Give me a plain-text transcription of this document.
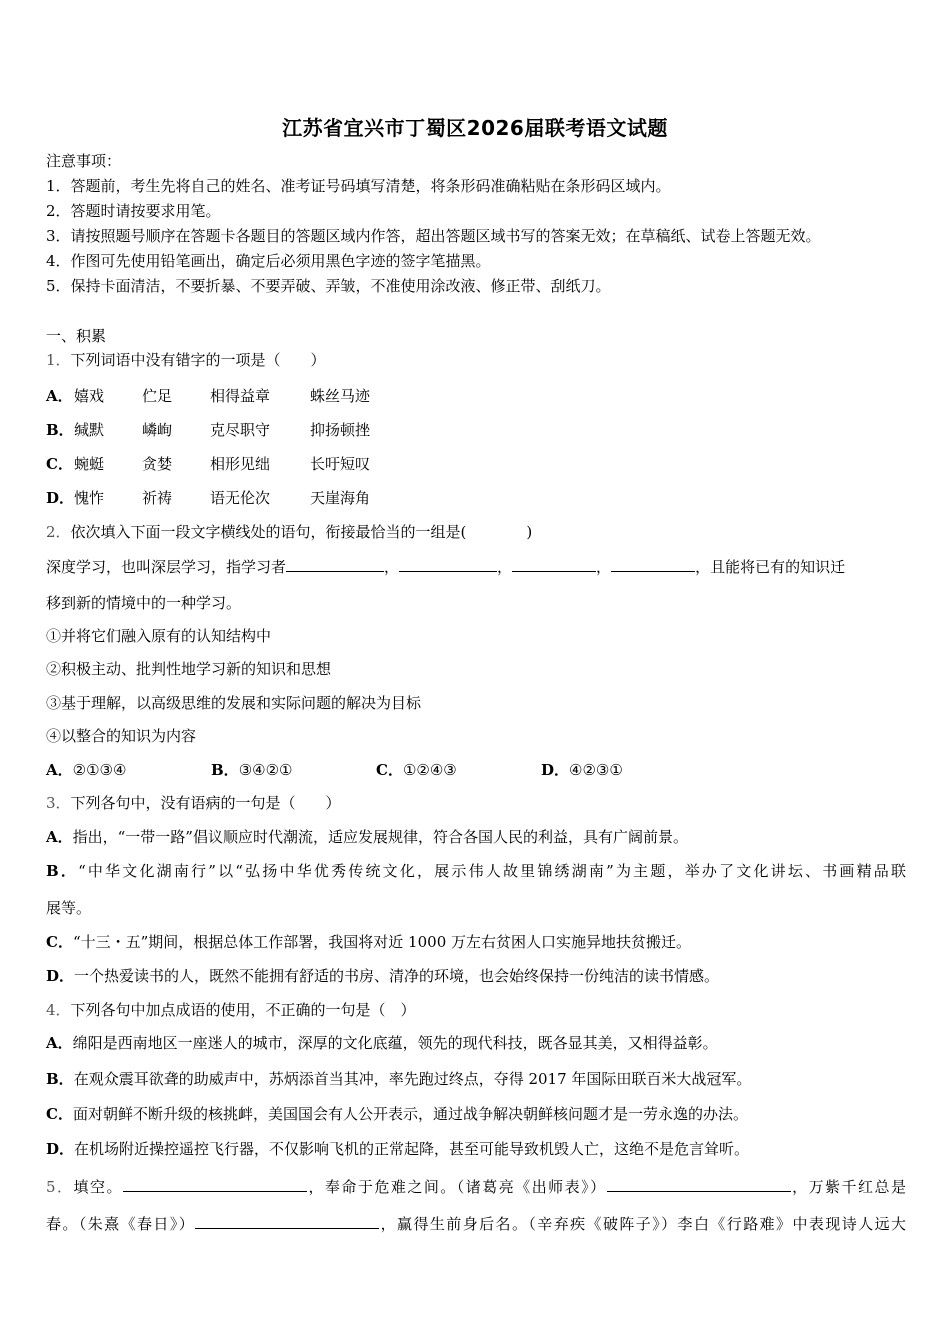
江苏省宜兴市丁蜀区2026届联考语文试题
注意事项：
1．答题前，考生先将自己的姓名、准考证号码填写清楚，将条形码准确粘贴在条形码区域内。
2．答题时请按要求用笔。
3．请按照题号顺序在答题卡各题目的答题区域内作答，超出答题区域书写的答案无效；在草稿纸、试卷上答题无效。
4．作图可先使用铅笔画出，确定后必须用黑色字迹的签字笔描黑。
5．保持卡面清洁，不要折暴、不要弄破、弄皱，不准使用涂改液、修正带、刮纸刀。
一、积累
1．下列词语中没有错字的一项是（　　）
A．嬉戏	伫足	相得益章	蛛丝马迹
B．缄默	嶙峋	克尽职守	抑扬顿挫
C．蜿蜓	贪婪	相形见绌	长吁短叹
D．愧怍	祈祷	语无伦次	天崖海角
2．依次填入下面一段文字横线处的语句，衔接最恰当的一组是(　　　　)
深度学习，也叫深层学习，指学习者	，	，	，	，且能将已有的知识迁
移到新的情境中的一种学习。
①并将它们融入原有的认知结构中
②积极主动、批判性地学习新的知识和思想
③基于理解，以高级思维的发展和实际问题的解决为目标
④以整合的知识为内容
A．②①③④	B．③④②①	C．①②④③	D．④②③①
3．下列各句中，没有语病的一句是（　　）
A．指出，“一带一路”倡议顺应时代潮流，适应发展规律，符合各国人民的利益，具有广阔前景。
B．“中华文化湖南行”以“弘扬中华优秀传统文化，展示伟人故里锦绣湖南”为主题，举办了文化讲坛、书画精品联
展等。
C．“十三・五”期间，根据总体工作部署，我国将对近 1000 万左右贫困人口实施异地扶贫搬迁。
D．一个热爱读书的人，既然不能拥有舒适的书房、清净的环境，也会始终保持一份纯洁的读书情感。
4．下列各句中加点成语的使用，不正确的一句是（　）
A．绵阳是西南地区一座迷人的城市，深厚的文化底蕴，领先的现代科技，既各显其美，又相得益彰。
B．在观众震耳欲聋的助威声中，苏炳添首当其冲，率先跑过终点，夺得 2017 年国际田联百米大战冠军。
C．面对朝鲜不断升级的核挑衅，美国国会有人公开表示，通过战争解决朝鲜核问题才是一劳永逸的办法。
D．在机场附近操控遥控飞行器，不仅影响飞机的正常起降，甚至可能导致机毁人亡，这绝不是危言耸听。
5．填空。	，奉命于危难之间。（诸葛亮《出师表》）	，万紫千红总是
春。（朱熹《春日》）	，赢得生前身后名。（辛弃疾《破阵子》）李白《行路难》中表现诗人远大
